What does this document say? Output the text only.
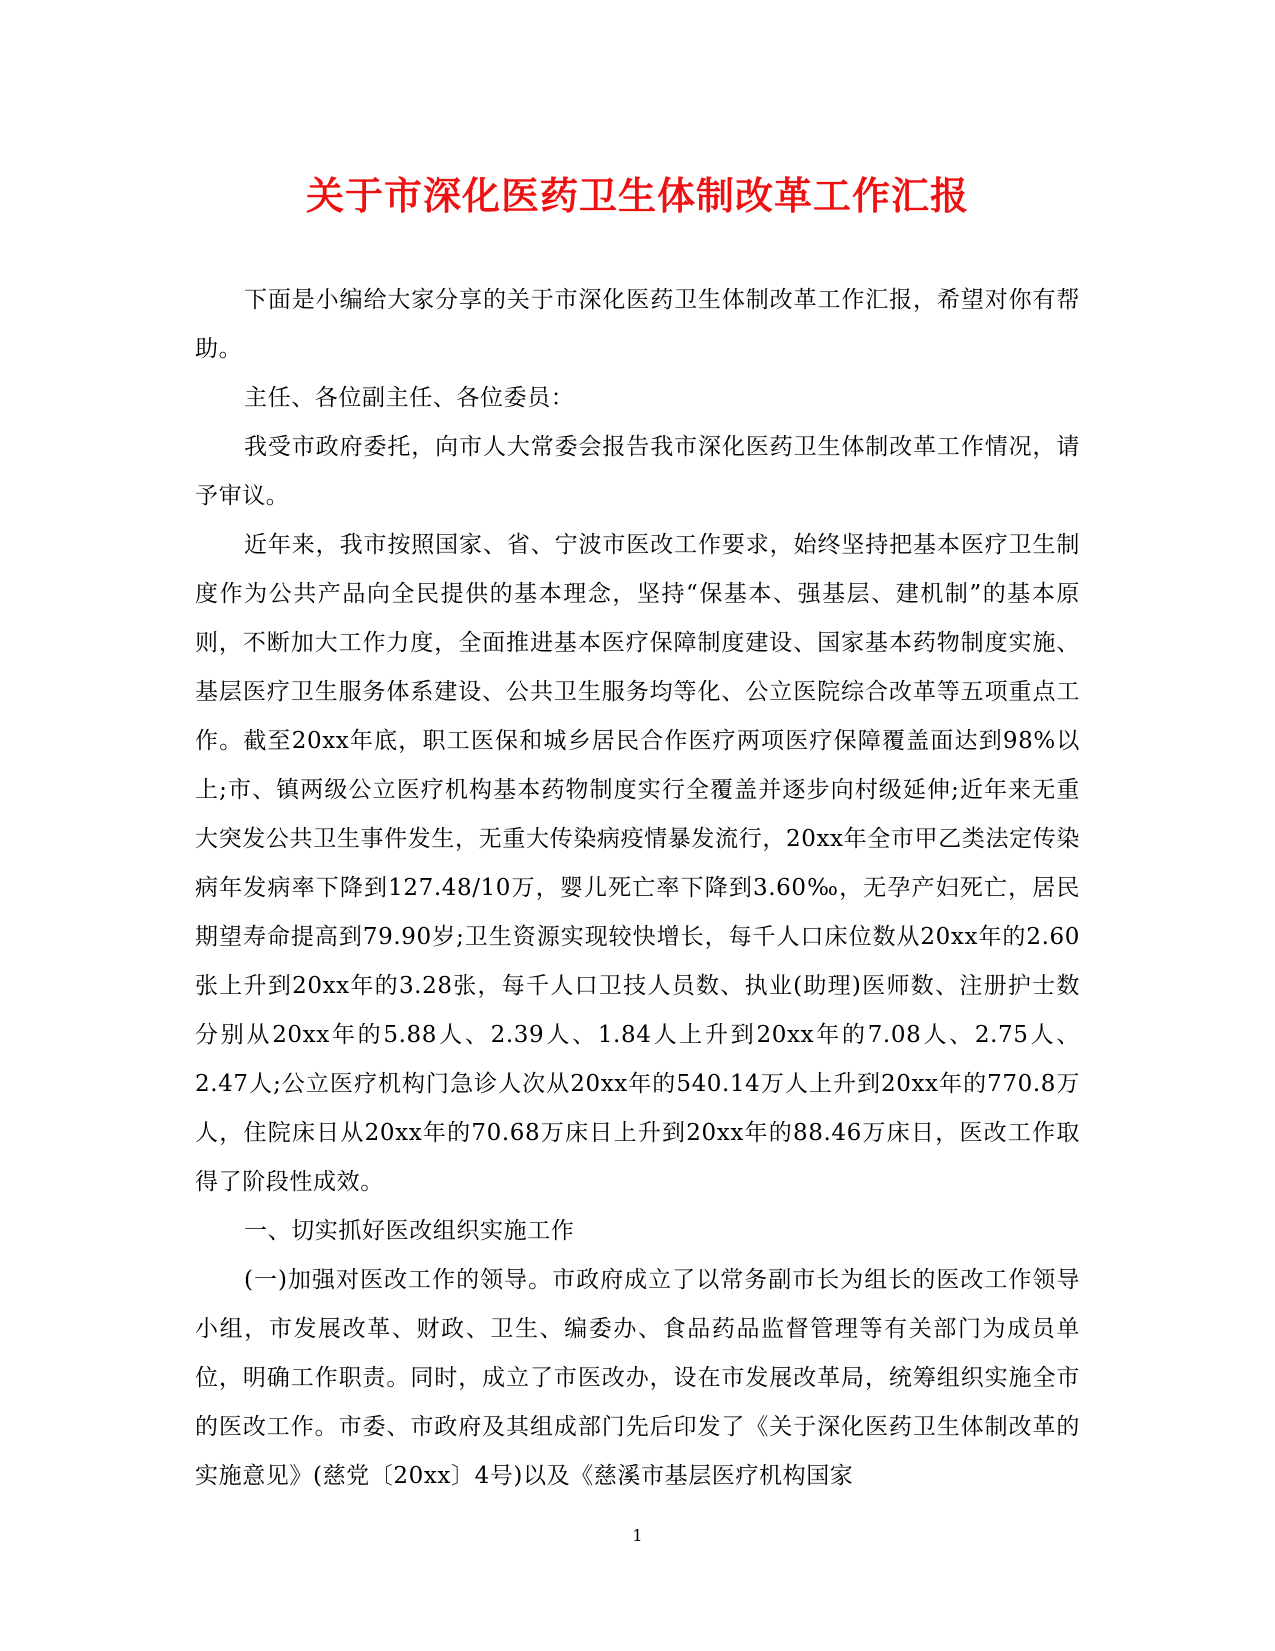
关于市深化医药卫生体制改革工作汇报

下面是小编给大家分享的关于市深化医药卫生体制改革工作汇报，希望对你有帮助。

主任、各位副主任、各位委员：

我受市政府委托，向市人大常委会报告我市深化医药卫生体制改革工作情况，请予审议。

近年来，我市按照国家、省、宁波市医改工作要求，始终坚持把基本医疗卫生制度作为公共产品向全民提供的基本理念，坚持“保基本、强基层、建机制”的基本原则，不断加大工作力度，全面推进基本医疗保障制度建设、国家基本药物制度实施、基层医疗卫生服务体系建设、公共卫生服务均等化、公立医院综合改革等五项重点工作。截至20xx年底，职工医保和城乡居民合作医疗两项医疗保障覆盖面达到98%以上;市、镇两级公立医疗机构基本药物制度实行全覆盖并逐步向村级延伸;近年来无重大突发公共卫生事件发生，无重大传染病疫情暴发流行，20xx年全市甲乙类法定传染病年发病率下降到127.48/10万，婴儿死亡率下降到3.60‰，无孕产妇死亡，居民期望寿命提高到79.90岁;卫生资源实现较快增长，每千人口床位数从20xx年的2.60张上升到20xx年的3.28张，每千人口卫技人员数、执业(助理)医师数、注册护士数分别从20xx年的5.88人、2.39人、1.84人上升到20xx年的7.08人、2.75人、2.47人;公立医疗机构门急诊人次从20xx年的540.14万人上升到20xx年的770.8万人，住院床日从20xx年的70.68万床日上升到20xx年的88.46万床日，医改工作取得了阶段性成效。

一、切实抓好医改组织实施工作

(一)加强对医改工作的领导。市政府成立了以常务副市长为组长的医改工作领导小组，市发展改革、财政、卫生、编委办、食品药品监督管理等有关部门为成员单位，明确工作职责。同时，成立了市医改办，设在市发展改革局，统筹组织实施全市的医改工作。市委、市政府及其组成部门先后印发了《关于深化医药卫生体制改革的实施意见》(慈党〔20xx〕4号)以及《慈溪市基层医疗机构国家

1
